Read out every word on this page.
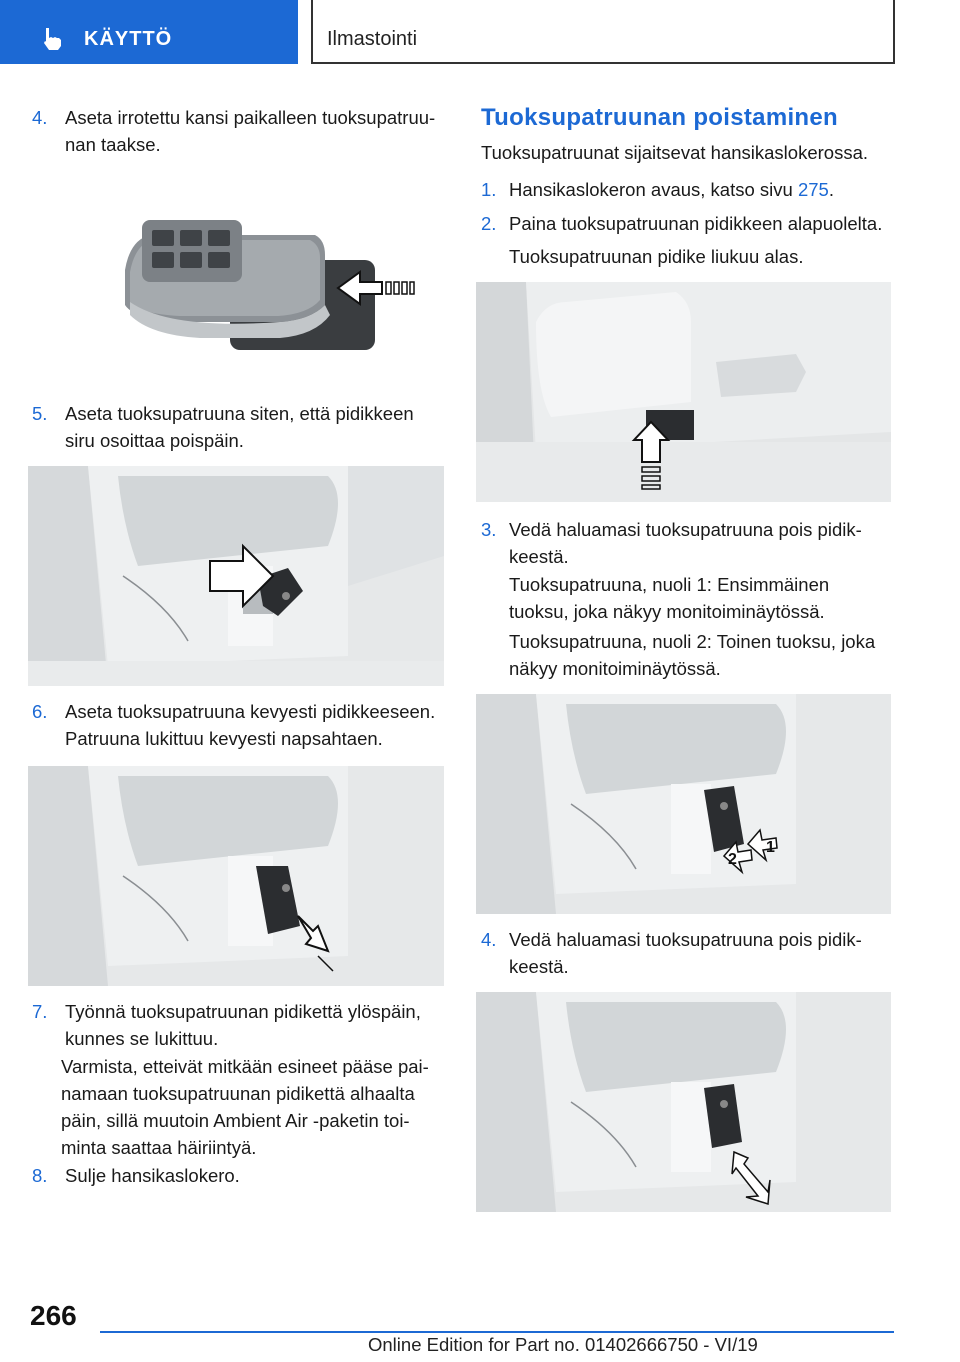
KÄYTTÖ	Ilmastointi
4. Aseta irrotettu kansi paikalleen tuoksupatruu-
nan taakse.
5. Aseta tuoksupatruuna siten, että pidikkeen
siru osoittaa poispäin.
6. Aseta tuoksupatruuna kevyesti pidikkeeseen.
Patruuna lukittuu kevyesti napsahtaen.
7. Työnnä tuoksupatruunan pidikettä ylöspäin,
kunnes se lukittuu.
Varmista, etteivät mitkään esineet pääse pai-
namaan tuoksupatruunan pidikettä alhaalta
päin, sillä muutoin Ambient Air -paketin toi-
minta saattaa häiriintyä.
8. Sulje hansikaslokero.
Tuoksupatruunan poistaminen
Tuoksupatruunat sijaitsevat hansikaslokerossa.
1. Hansikaslokeron avaus, katso sivu 275.
2. Paina tuoksupatruunan pidikkeen alapuolelta.
Tuoksupatruunan pidike liukuu alas.
3. Vedä haluamasi tuoksupatruuna pois pidik-
keestä.
Tuoksupatruuna, nuoli 1: Ensimmäinen
tuoksu, joka näkyy monitoiminäytössä.
Tuoksupatruuna, nuoli 2: Toinen tuoksu, joka
näkyy monitoiminäytössä.
2
1
4. Vedä haluamasi tuoksupatruuna pois pidik-
keestä.
266
Online Edition for Part no. 01402666750 - VI/19
